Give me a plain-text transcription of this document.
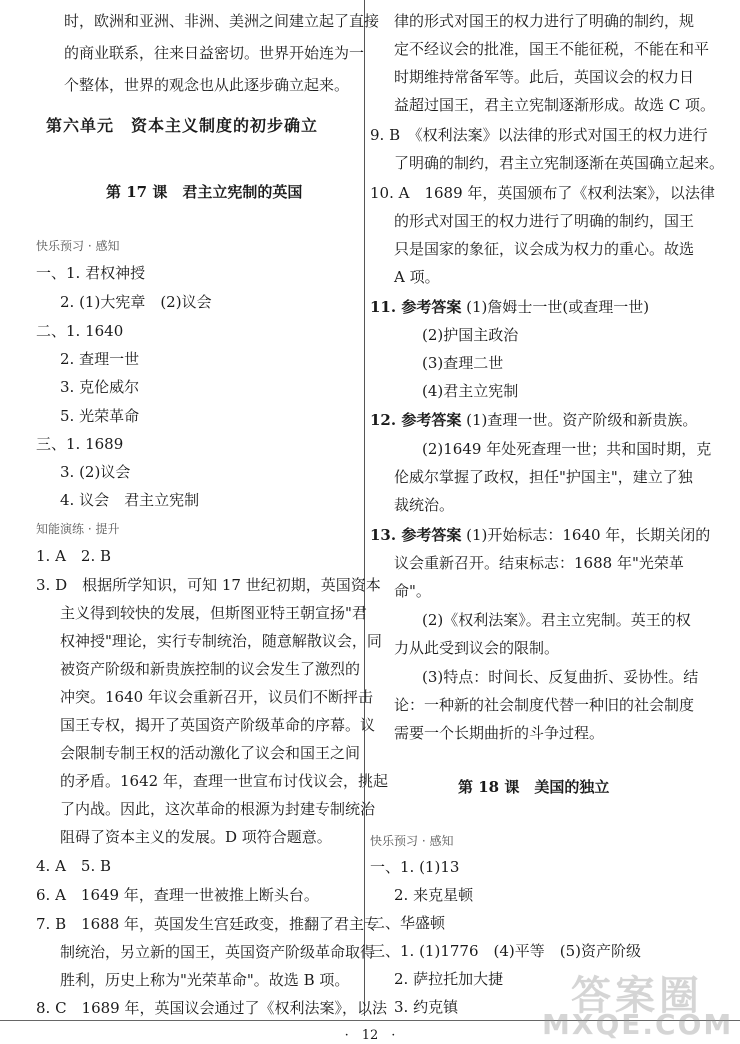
时，欧洲和亚洲、非洲、美洲之间建立起了直接
的商业联系，往来日益密切。世界开始连为一
个整体，世界的观念也从此逐步确立起来。
第六单元　资本主义制度的初步确立
第 17 课　君主立宪制的英国
快乐预习 · 感知
一、1. 君权神授
2. (1)大宪章　(2)议会
二、1. 1640
2. 查理一世
3. 克伦威尔
5. 光荣革命
三、1. 1689
3. (2)议会
4. 议会　君主立宪制
知能演练 · 提升
1. A　2. B
3. D　根据所学知识，可知 17 世纪初期，英国资本
主义得到较快的发展，但斯图亚特王朝宣扬"君
权神授"理论，实行专制统治，随意解散议会，同
被资产阶级和新贵族控制的议会发生了激烈的
冲突。1640 年议会重新召开，议员们不断抨击
国王专权，揭开了英国资产阶级革命的序幕。议
会限制专制王权的活动激化了议会和国王之间
的矛盾。1642 年，查理一世宣布讨伐议会，挑起
了内战。因此，这次革命的根源为封建专制统治
阻碍了资本主义的发展。D 项符合题意。
4. A　5. B
6. A　1649 年，查理一世被推上断头台。
7. B　1688 年，英国发生宫廷政变，推翻了君主专
制统治，另立新的国王，英国资产阶级革命取得
胜利，历史上称为"光荣革命"。故选 B 项。
8. C　1689 年，英国议会通过了《权利法案》，以法
律的形式对国王的权力进行了明确的制约，规
定不经议会的批准，国王不能征税，不能在和平
时期维持常备军等。此后，英国议会的权力日
益超过国王，君主立宪制逐渐形成。故选 C 项。
9. B　《权利法案》以法律的形式对国王的权力进行
了明确的制约，君主立宪制逐渐在英国确立起来。
10. A　1689 年，英国颁布了《权利法案》，以法律
的形式对国王的权力进行了明确的制约，国王
只是国家的象征，议会成为权力的重心。故选
A 项。
11. 参考答案 (1)詹姆士一世(或查理一世)
(2)护国主政治
(3)查理二世
(4)君主立宪制
12. 参考答案 (1)查理一世。资产阶级和新贵族。
(2)1649 年处死查理一世；共和国时期，克
伦威尔掌握了政权，担任"护国主"，建立了独
裁统治。
13. 参考答案 (1)开始标志：1640 年，长期关闭的
议会重新召开。结束标志：1688 年"光荣革
命"。
(2)《权利法案》。君主立宪制。英王的权
力从此受到议会的限制。
(3)特点：时间长、反复曲折、妥协性。结
论：一种新的社会制度代替一种旧的社会制度
需要一个长期曲折的斗争过程。
第 18 课　美国的独立
快乐预习 · 感知
一、1. (1)13
2. 来克星顿
二、华盛顿
三、1. (1)1776　(4)平等　(5)资产阶级
2. 萨拉托加大捷
3. 约克镇
·　12　·
答案圈
MXQE.COM
